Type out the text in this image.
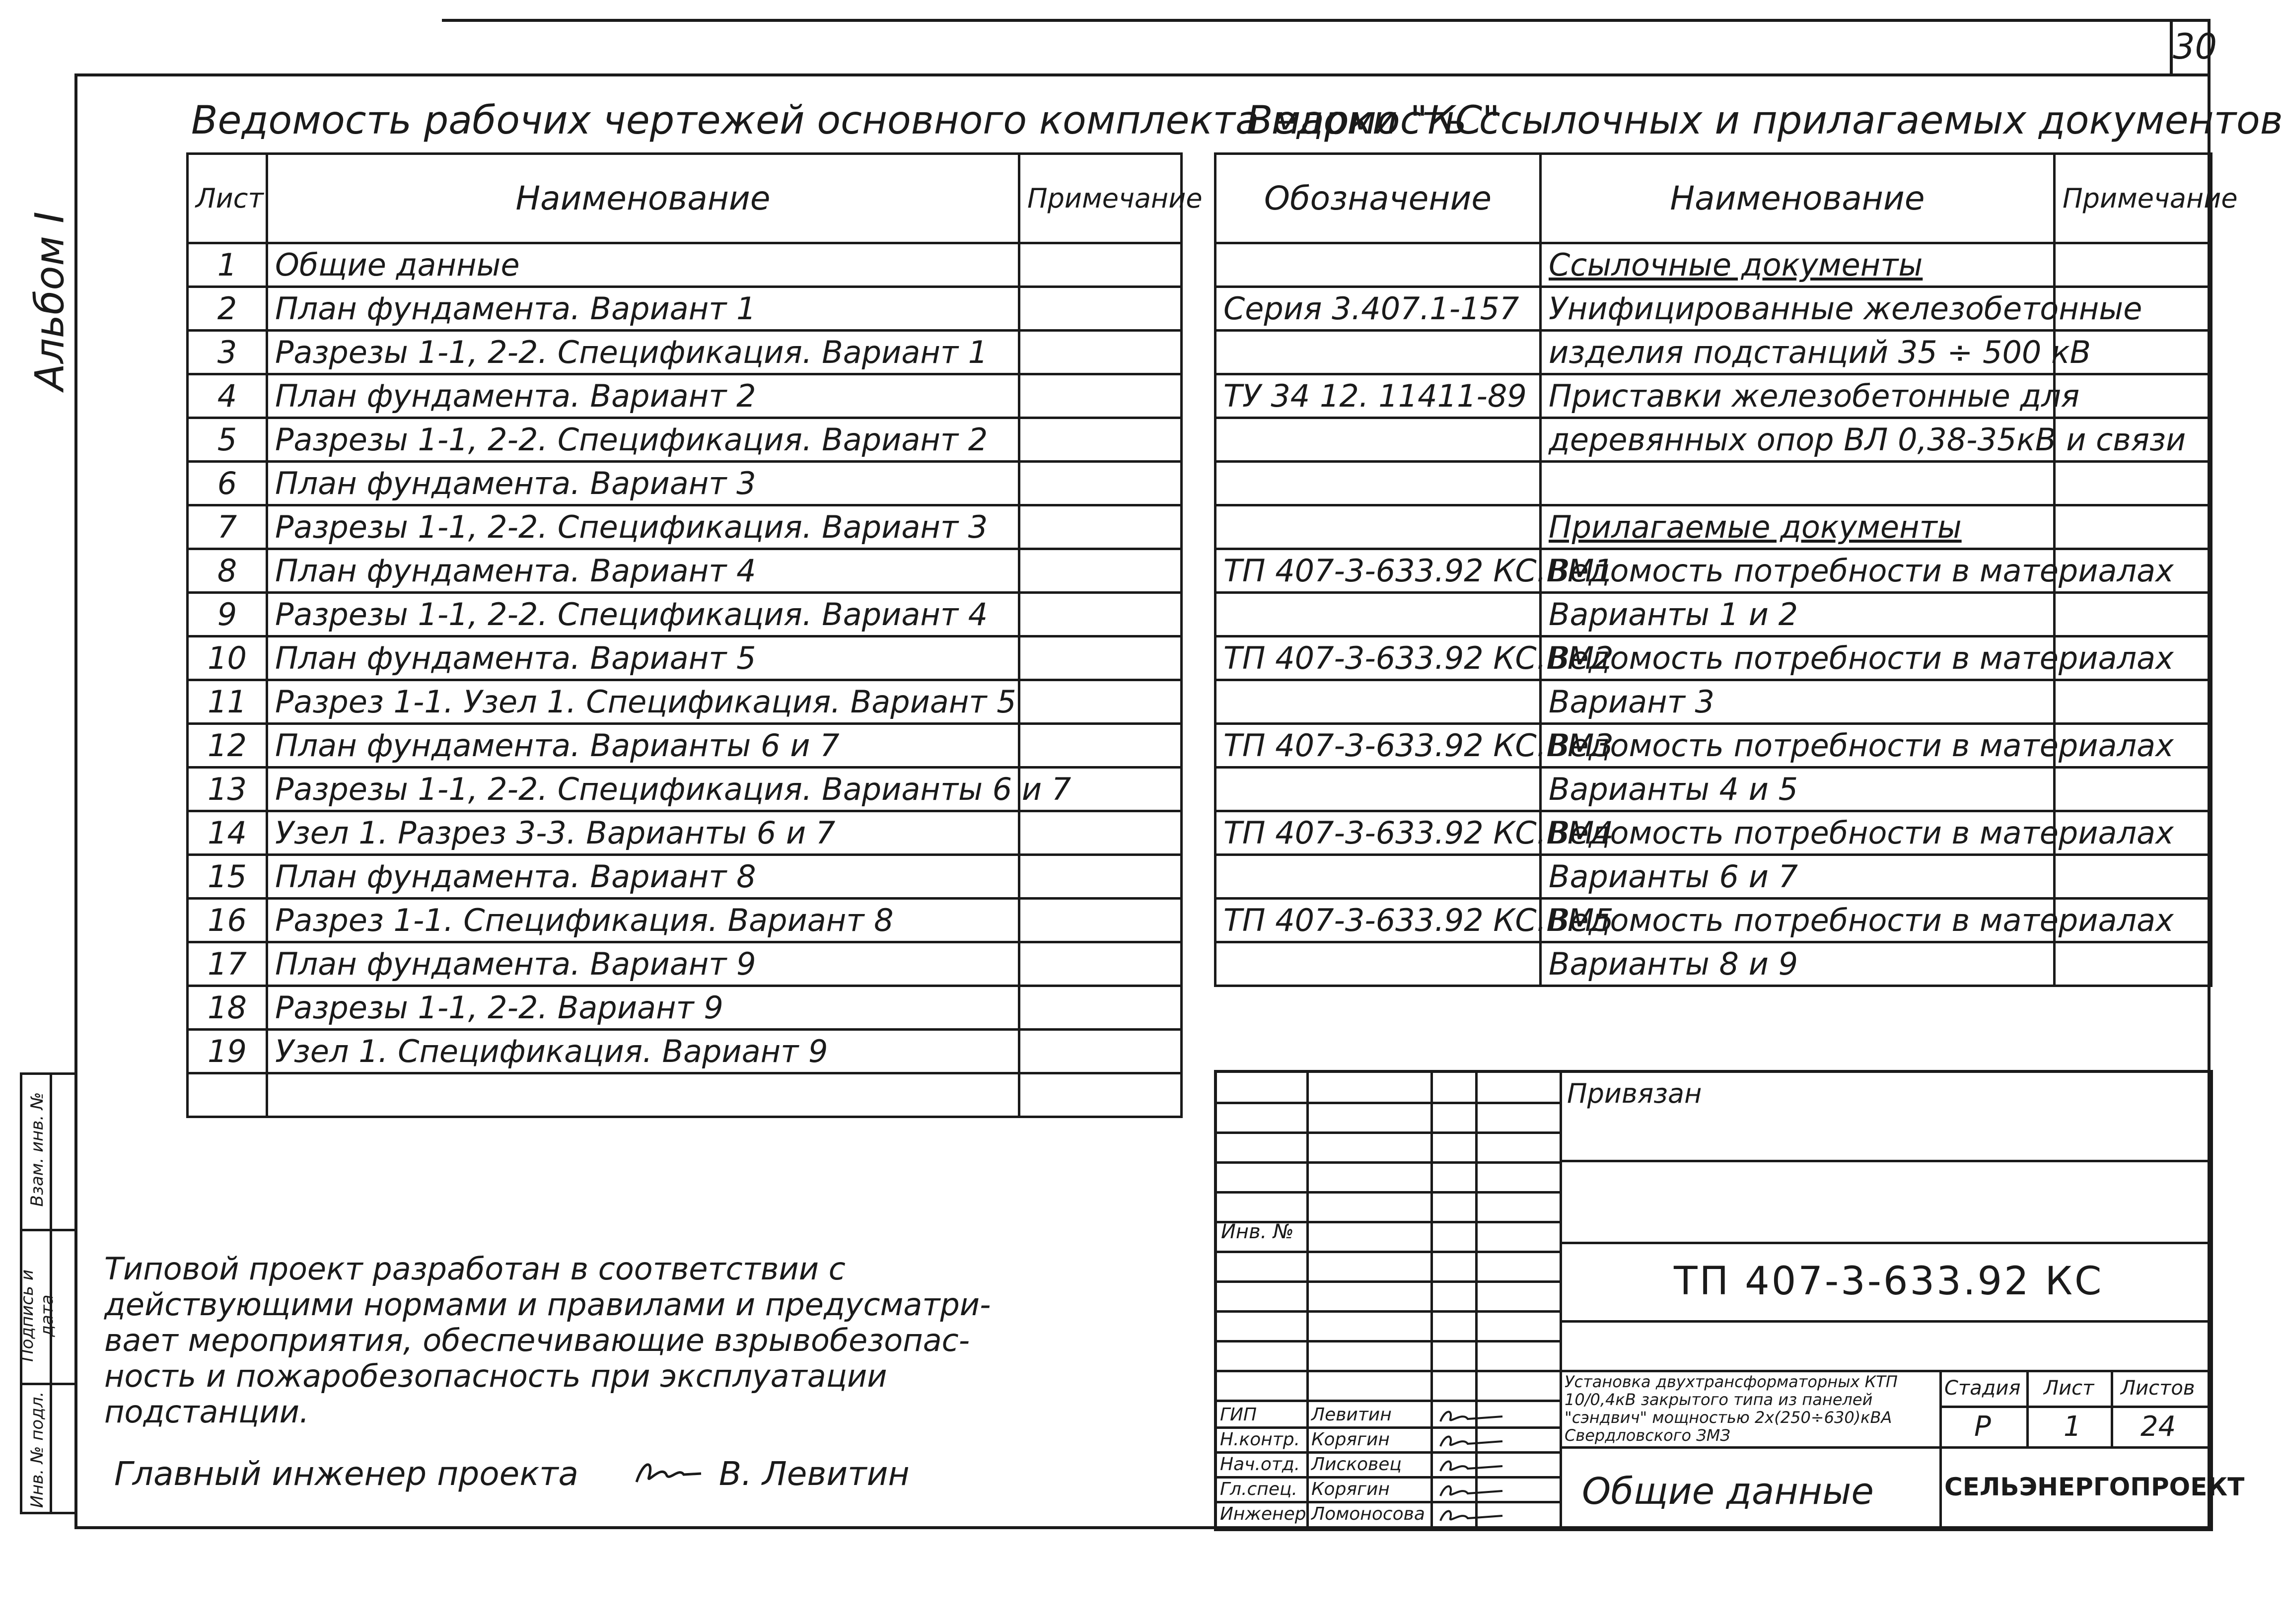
30
Альбом I
Взам. инв. №
Подпись и дата
Инв. № подл.
Ведомость рабочих чертежей основного комплекта марки "КС"
Ведомость ссылочных и прилагаемых документов
Лист	Наименование	Примечание
1	Общие данные	
2	План фундамента. Вариант 1	
3	Разрезы 1-1, 2-2. Спецификация. Вариант 1	
4	План фундамента. Вариант 2	
5	Разрезы 1-1, 2-2. Спецификация. Вариант 2	
6	План фундамента. Вариант 3	
7	Разрезы 1-1, 2-2. Спецификация. Вариант 3	
8	План фундамента. Вариант 4	
9	Разрезы 1-1, 2-2. Спецификация. Вариант 4	
10	План фундамента. Вариант 5	
11	Разрез 1-1. Узел 1. Спецификация. Вариант 5	
12	План фундамента. Варианты 6 и 7	
13	Разрезы 1-1, 2-2. Спецификация. Варианты 6 и 7	
14	Узел 1. Разрез 3-3. Варианты 6 и 7	
15	План фундамента. Вариант 8	
16	Разрез 1-1. Спецификация. Вариант 8	
17	План фундамента. Вариант 9	
18	Разрезы 1-1, 2-2. Вариант 9	
19	Узел 1. Спецификация. Вариант 9	

Обозначение	Наименование	Примечание
	Ссылочные документы	
Серия 3.407.1-157	Унифицированные железобетонные	
	изделия подстанций 35 ÷ 500 кВ	
ТУ 34 12. 11411-89	Приставки железобетонные для	
	деревянных опор ВЛ 0,38-35кВ и связи	

	Прилагаемые документы	
ТП 407-3-633.92 КС.ВМ1	Ведомость потребности в материалах	
	Варианты 1 и 2	
ТП 407-3-633.92 КС.ВМ2	Ведомость потребности в материалах	
	Вариант 3	
ТП 407-3-633.92 КС.ВМ3	Ведомость потребности в материалах	
	Варианты 4 и 5	
ТП 407-3-633.92 КС.ВМ4	Ведомость потребности в материалах	
	Варианты 6 и 7	
ТП 407-3-633.92 КС.ВМ5	Ведомость потребности в материалах	
	Варианты 8 и 9	
Типовой проект разработан в соответствии с
действующими нормами и правилами и предусматри-
вает мероприятия, обеспечивающие взрывобезопас-
ность и пожаробезопасность при эксплуатации
подстанции.
Главный инженер проекта	В. Левитин
Привязан
Инв. №
ТП 407-3-633.92 КС
Установка двухтрансформаторных КТП 10/0,4кВ закрытого типа из панелей "сэндвич" мощностью 2х(250÷630)кВА Свердловского ЗМЗ
Стадия Лист Листов
Р	1 24
Общие данные	СЕЛЬЭНЕРГОПРОЕКТ
ГИП	Левитин
Н.контр. Корягин
Нач.отд. Лисковец
Гл.спец. Корягин
Инженер Ломоносова
